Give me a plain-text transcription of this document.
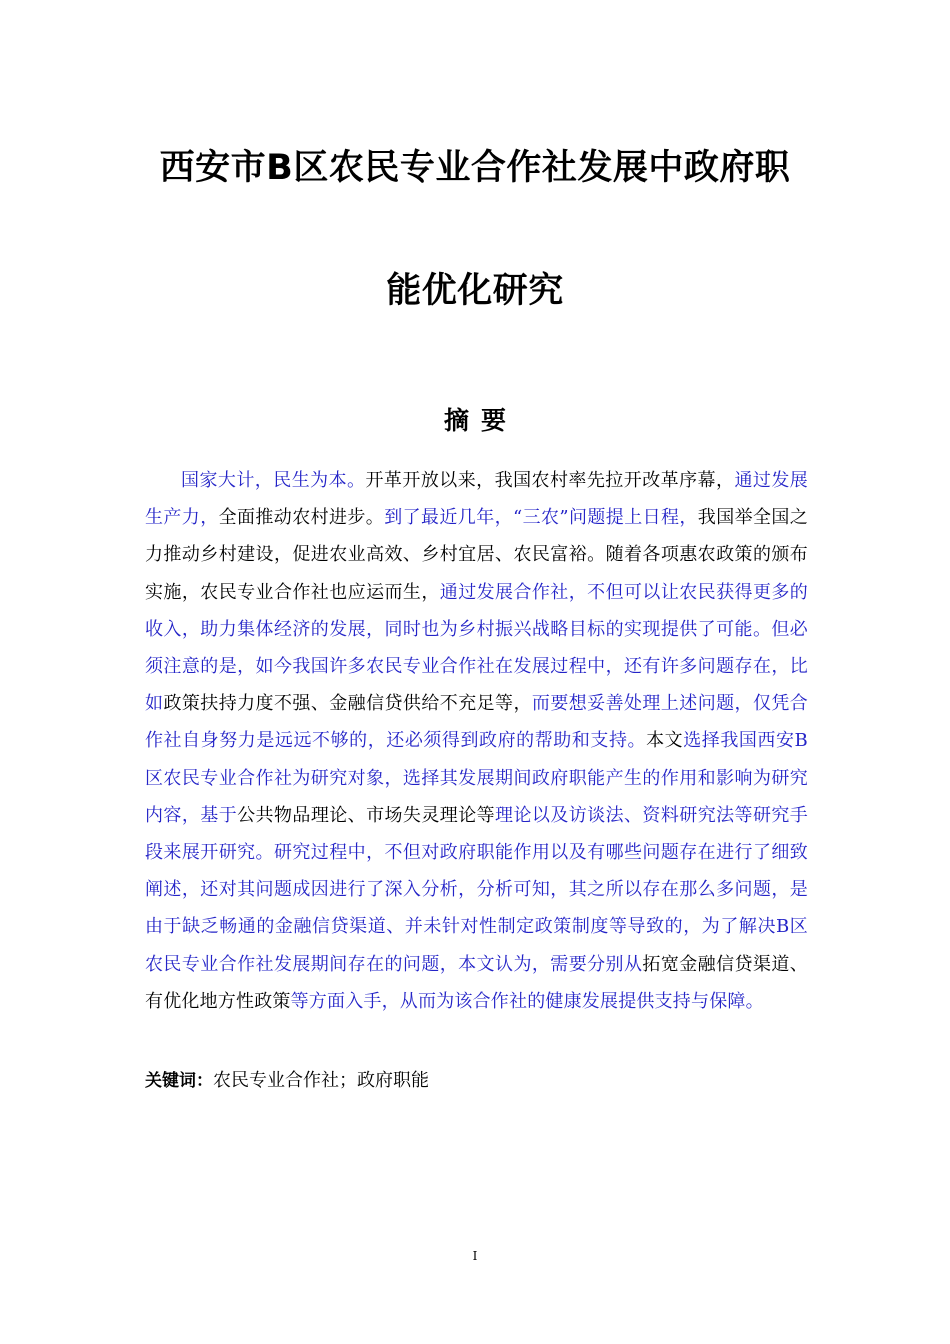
西安市B区农民专业合作社发展中政府职
能优化研究
摘要

国家大计，民生为本。开革开放以来，我国农村率先拉开改革序幕，通过发展生产力，全面推动农村进步。到了最近几年，“三农”问题提上日程，我国举全国之力推动乡村建设，促进农业高效、乡村宜居、农民富裕。随着各项惠农政策的颁布实施，农民专业合作社也应运而生，通过发展合作社，不但可以让农民获得更多的收入，助力集体经济的发展，同时也为乡村振兴战略目标的实现提供了可能。但必须注意的是，如今我国许多农民专业合作社在发展过程中，还有许多问题存在，比如政策扶持力度不强、金融信贷供给不充足等，而要想妥善处理上述问题，仅凭合作社自身努力是远远不够的，还必须得到政府的帮助和支持。本文选择我国西安B区农民专业合作社为研究对象，选择其发展期间政府职能产生的作用和影响为研究内容，基于公共物品理论、市场失灵理论等理论以及访谈法、资料研究法等研究手段来展开研究。研究过程中，不但对政府职能作用以及有哪些问题存在进行了细致阐述，还对其问题成因进行了深入分析，分析可知，其之所以存在那么多问题，是由于缺乏畅通的金融信贷渠道、并未针对性制定政策制度等导致的，为了解决B区农民专业合作社发展期间存在的问题，本文认为，需要分别从拓宽金融信贷渠道、有优化地方性政策等方面入手，从而为该合作社的健康发展提供支持与保障。

关键词：农民专业合作社；政府职能

I
